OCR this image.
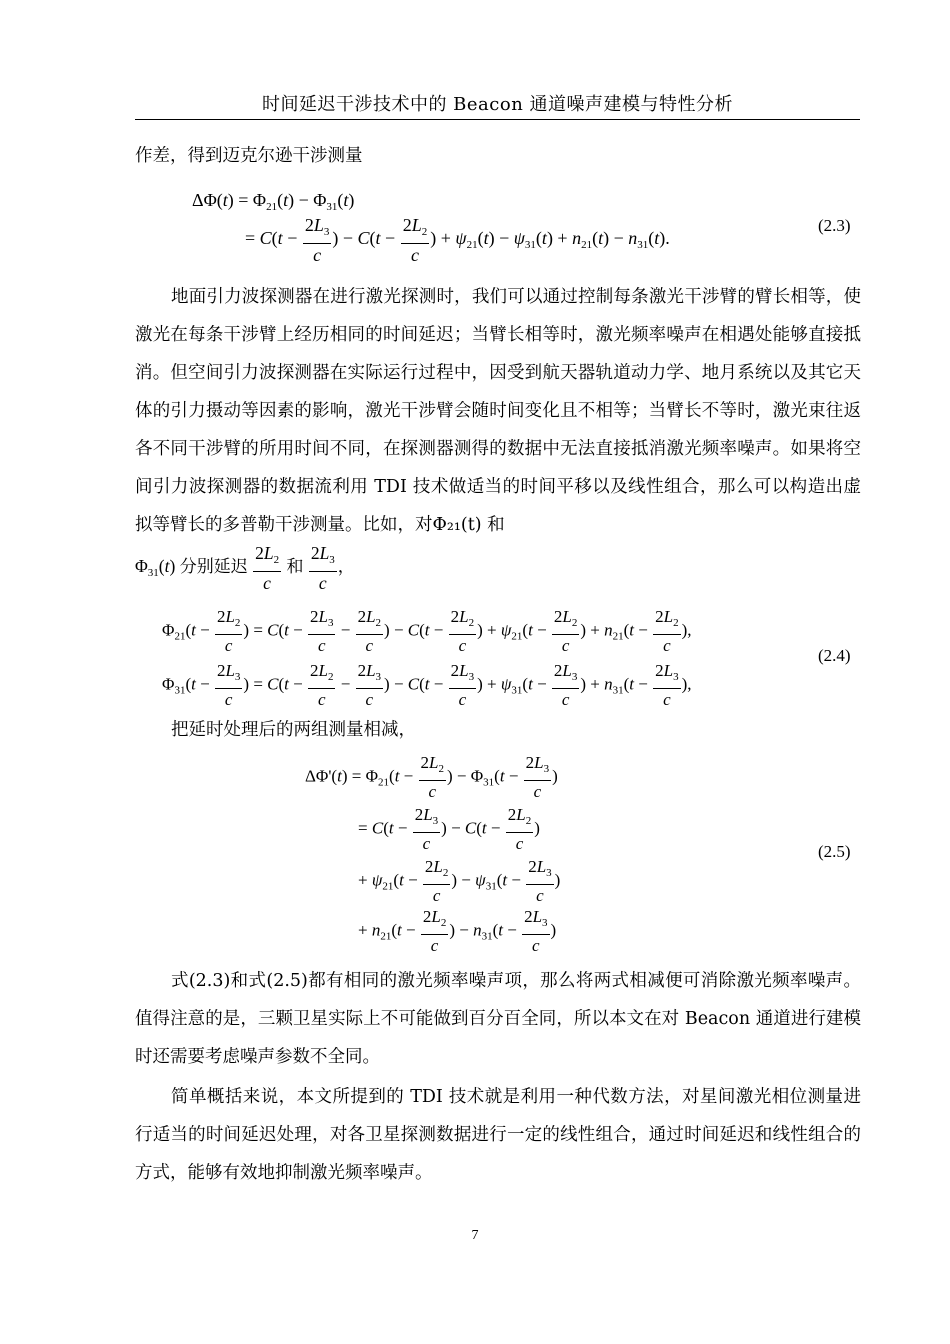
时间延迟干涉技术中的 Beacon 通道噪声建模与特性分析
作差，得到迈克尔逊干涉测量
$\Delta\Phi(t) = \Phi_{21}(t) - \Phi_{31}(t)$
= $C(t - \frac{2L_3}{c}$ ) − $C(t - \frac{2L_2}{c}$ ) + $\psi_{21}(t) - \psi_{31}(t) + n_{21}(t) - n_{31}(t)$.
(2.3)
地面引力波探测器在进行激光探测时，我们可以通过控制每条激光干涉臂的臂长相等，使激光在每条干涉臂上经历相同的时间延迟；当臂长相等时，激光频率噪声在相遇处能够直接抵消。但空间引力波探测器在实际运行过程中，因受到航天器轨道动力学、地月系统以及其它天体的引力摄动等因素的影响，激光干涉臂会随时间变化且不相等；当臂长不等时，激光束往返各不同干涉臂的所用时间不同，在探测器测得的数据中无法直接抵消激光频率噪声。如果将空间引力波探测器的数据流利用 TDI 技术做适当的时间平移以及线性组合，那么可以构造出虚拟等臂长的多普勒干涉测量。比如，对Φ₂₁(t) 和
$\Phi_{31}(t)$ 分别延迟 $\frac{2L_2}{c}$ 和 $\frac{2L_3}{c}$ ，
$\Phi_{21}(t - \frac{2L_2}{c}$ ) = $C(t - \frac{2L_3}{c} - \frac{2L_2}{c}$ ) − $C(t - \frac{2L_2}{c}$ ) + $\psi_{21}(t - \frac{2L_2}{c}$ ) + $n_{21}(t - \frac{2L_2}{c}$ ),
$\Phi_{31}(t - \frac{2L_3}{c}$ ) = $C(t - \frac{2L_2}{c} - \frac{2L_3}{c}$ ) − $C(t - \frac{2L_3}{c}$ ) + $\psi_{31}(t - \frac{2L_3}{c}$ ) + $n_{31}(t - \frac{2L_3}{c}$ ),
(2.4)
把延时处理后的两组测量相减，
$\Delta\Phi'(t) = \Phi_{21}(t - \frac{2L_2}{c}$ ) − $\Phi_{31}(t - \frac{2L_3}{c}$ )
= $C(t - \frac{2L_3}{c}$ ) − $C(t - \frac{2L_2}{c}$ )
+ $\psi_{21}(t - \frac{2L_2}{c}$ ) − $\psi_{31}(t - \frac{2L_3}{c}$ )
+ $n_{21}(t - \frac{2L_2}{c}$ ) − $n_{31}(t - \frac{2L_3}{c}$ )
(2.5)
式(2.3)和式(2.5)都有相同的激光频率噪声项，那么将两式相减便可消除激光频率噪声。值得注意的是，三颗卫星实际上不可能做到百分百全同，所以本文在对 Beacon 通道进行建模时还需要考虑噪声参数不全同。
简单概括来说，本文所提到的 TDI 技术就是利用一种代数方法，对星间激光相位测量进行适当的时间延迟处理，对各卫星探测数据进行一定的线性组合，通过时间延迟和线性组合的方式，能够有效地抑制激光频率噪声。
7
